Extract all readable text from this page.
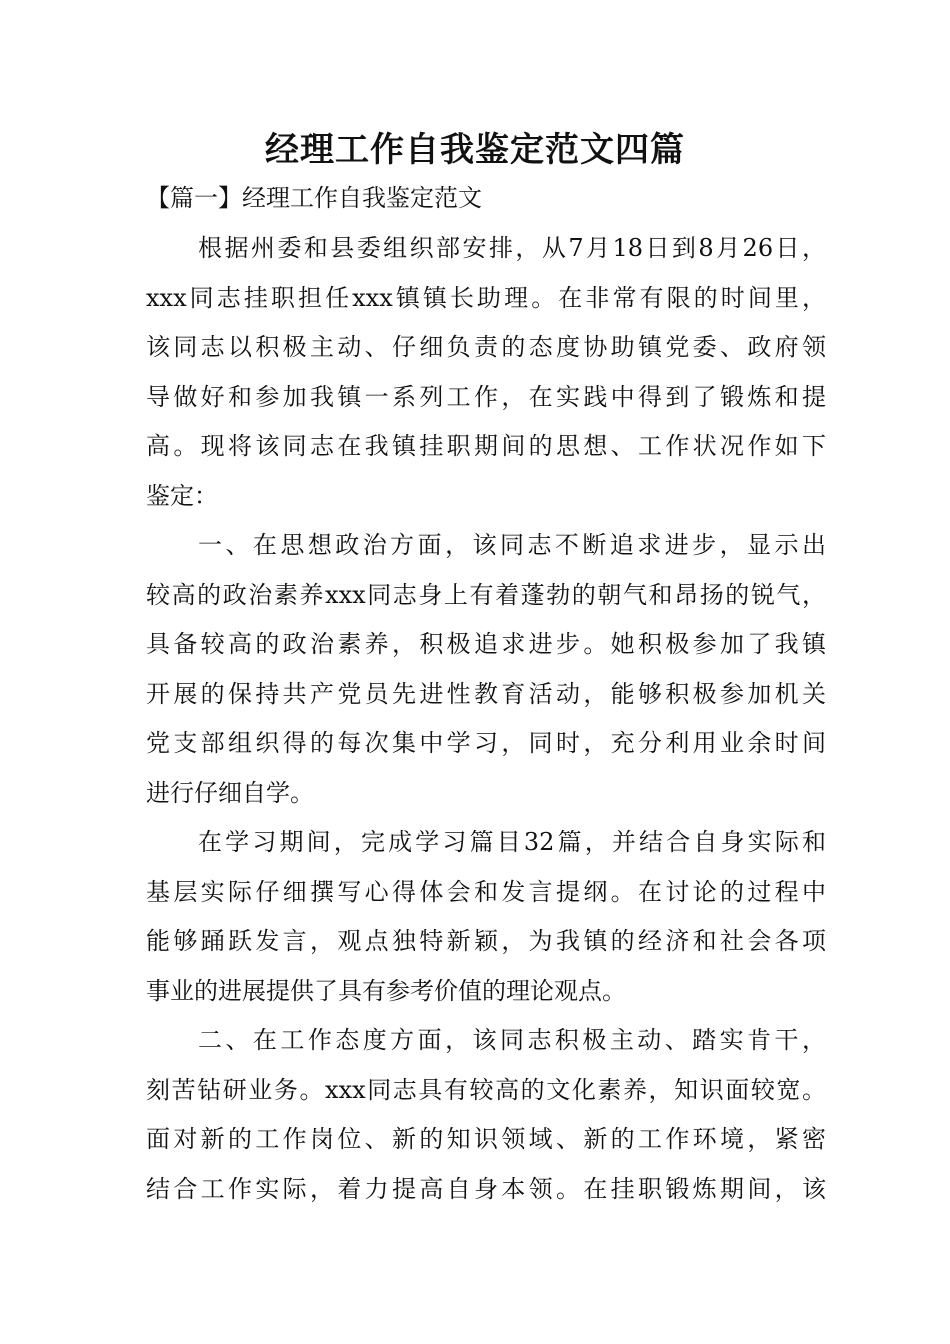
经理工作自我鉴定范文四篇
【篇一】经理工作自我鉴定范文

根据州委和县委组织部安排，从7月18日到8月26日，
xxx同志挂职担任xxx镇镇长助理。在非常有限的时间里，
该同志以积极主动、仔细负责的态度协助镇党委、政府领
导做好和参加我镇一系列工作，在实践中得到了锻炼和提
高。现将该同志在我镇挂职期间的思想、工作状况作如下
鉴定：

一、在思想政治方面，该同志不断追求进步，显示出
较高的政治素养xxx同志身上有着蓬勃的朝气和昂扬的锐气，
具备较高的政治素养，积极追求进步。她积极参加了我镇
开展的保持共产党员先进性教育活动，能够积极参加机关
党支部组织得的每次集中学习，同时，充分利用业余时间
进行仔细自学。

在学习期间，完成学习篇目32篇，并结合自身实际和
基层实际仔细撰写心得体会和发言提纲。在讨论的过程中
能够踊跃发言，观点独特新颖，为我镇的经济和社会各项
事业的进展提供了具有参考价值的理论观点。

二、在工作态度方面，该同志积极主动、踏实肯干，
刻苦钻研业务。xxx同志具有较高的文化素养，知识面较宽。
面对新的工作岗位、新的知识领域、新的工作环境，紧密
结合工作实际，着力提高自身本领。在挂职锻炼期间，该
